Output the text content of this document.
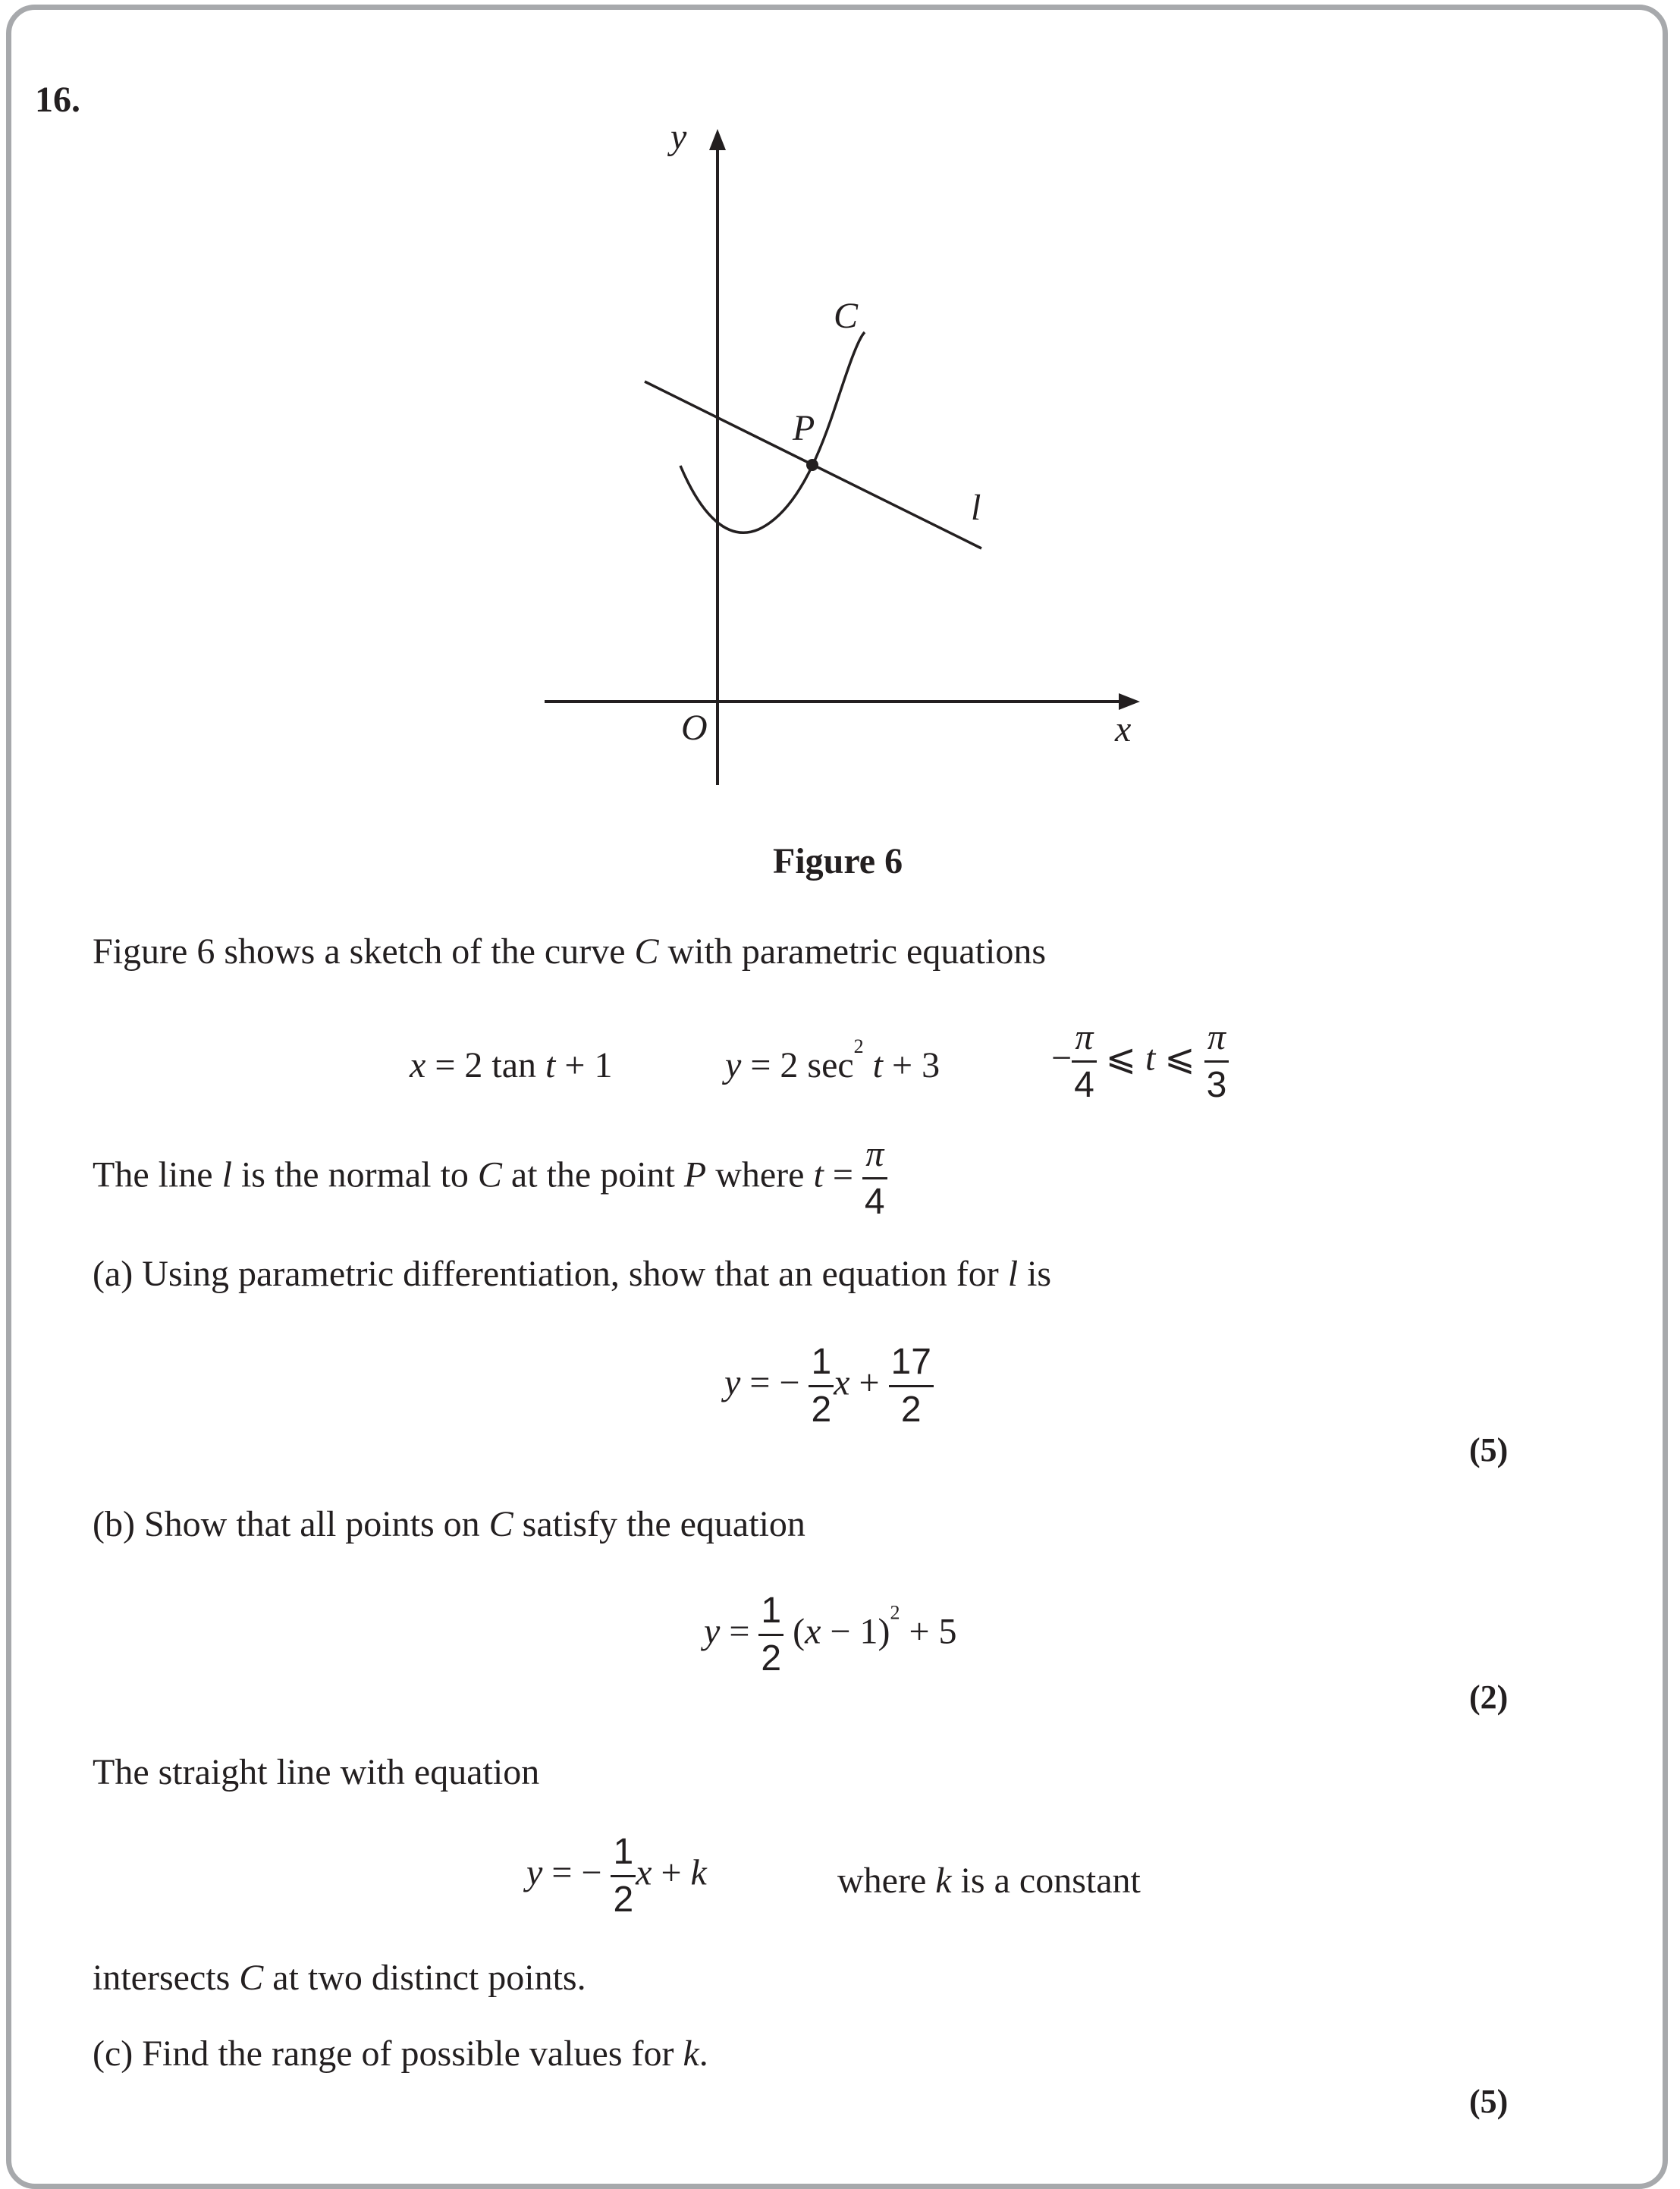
16.
y
x
O
C
P
l
Figure 6
Figure 6 shows a sketch of the curve C with parametric equations
x = 2 tan t + 1	y = 2 $\sec^2 t + 3$	− $\frac{\pi}{4}$ ⩽ t ⩽ $\frac{\pi}{3}$
The line l is the normal to C at the point P where $t = \frac{\pi}{4}$
(a) Using parametric differentiation, show that an equation for l is
y = − $\frac{1}{2}$ $x + \frac{17}{2}$
(5)
(b) Show that all points on C satisfy the equation
$y = \frac{1}{2} (x - 1)^2 + 5$
(2)
The straight line with equation
y = − $\frac{1}{2}$ x + k	where k is a constant
intersects C at two distinct points.
(c) Find the range of possible values for k.
(5)
